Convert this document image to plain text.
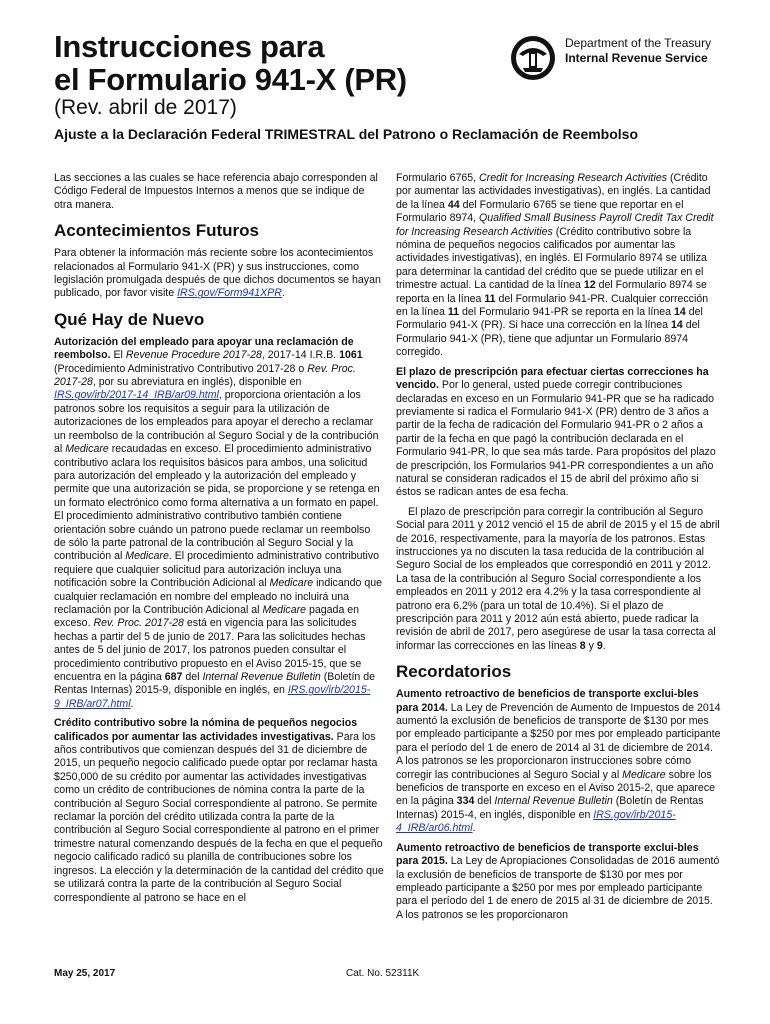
Instrucciones para
el Formulario 941-X (PR)
(Rev. abril de 2017)
Department of the Treasury
Internal Revenue Service
Ajuste a la Declaración Federal TRIMESTRAL del Patrono o Reclamación de Reembolso

Las secciones a las cuales se hace referencia abajo corresponden al Código Federal de Impuestos Internos a menos que se indique de otra manera.

Acontecimientos Futuros

Para obtener la información más reciente sobre los acontecimientos relacionados al Formulario 941-X (PR) y sus instrucciones, como legislación promulgada después de que dichos documentos se hayan publicado, por favor visite IRS.gov/Form941XPR.

Qué Hay de Nuevo

Autorización del empleado para apoyar una reclamación de reembolso. El Revenue Procedure 2017-28, 2017-14 I.R.B. 1061 (Procedimiento Administrativo Contributivo 2017-28 o Rev. Proc. 2017-28, por su abreviatura en inglés), disponible en IRS.gov/irb/2017-14_IRB/ar09.html, proporciona orientación a los patronos sobre los requisitos a seguir para la utilización de autorizaciones de los empleados para apoyar el derecho a reclamar un reembolso de la contribución al Seguro Social y de la contribución al Medicare recaudadas en exceso. El procedimiento administrativo contributivo aclara los requisitos básicos para ambos, una solicitud para autorización del empleado y la autorización del empleado y permite que una autorización se pida, se proporcione y se retenga en un formato electrónico como forma alternativa a un formato en papel. El procedimiento administrativo contributivo también contiene orientación sobre cuándo un patrono puede reclamar un reembolso de sólo la parte patronal de la contribución al Seguro Social y la contribución al Medicare. El procedimiento administrativo contributivo requiere que cualquier solicitud para autorización incluya una notificación sobre la Contribución Adicional al Medicare indicando que cualquier reclamación en nombre del empleado no incluirá una reclamación por la Contribución Adicional al Medicare pagada en exceso. Rev. Proc. 2017-28 está en vigencia para las solicitudes hechas a partir del 5 de junio de 2017. Para las solicitudes hechas antes de 5 del junio de 2017, los patronos pueden consultar el procedimiento contributivo propuesto en el Aviso 2015-15, que se encuentra en la página 687 del Internal Revenue Bulletin (Boletín de Rentas Internas) 2015-9, disponible en inglés, en IRS.gov/irb/2015-9_IRB/ar07.html.

Crédito contributivo sobre la nómina de pequeños negocios calificados por aumentar las actividades investigativas. Para los años contributivos que comienzan después del 31 de diciembre de 2015, un pequeño negocio calificado puede optar por reclamar hasta $250,000 de su crédito por aumentar las actividades investigativas como un crédito de contribuciones de nómina contra la parte de la contribución al Seguro Social correspondiente al patrono. Se permite reclamar la porción del crédito utilizada contra la parte de la contribución al Seguro Social correspondiente al patrono en el primer trimestre natural comenzando después de la fecha en que el pequeño negocio calificado radicó su planilla de contribuciones sobre los ingresos. La elección y la determinación de la cantidad del crédito que se utilizará contra la parte de la contribución al Seguro Social correspondiente al patrono se hace en el

Formulario 6765, Credit for Increasing Research Activities (Crédito por aumentar las actividades investigativas), en inglés. La cantidad de la línea 44 del Formulario 6765 se tiene que reportar en el Formulario 8974, Qualified Small Business Payroll Credit Tax Credit for Increasing Research Activities (Crédito contributivo sobre la nómina de pequeños negocios calificados por aumentar las actividades investigativas), en inglés. El Formulario 8974 se utiliza para determinar la cantidad del crédito que se puede utilizar en el trimestre actual. La cantidad de la línea 12 del Formulario 8974 se reporta en la línea 11 del Formulario 941-PR. Cualquier corrección en la línea 11 del Formulario 941-PR se reporta en la línea 14 del Formulario 941-X (PR). Si hace una corrección en la línea 14 del Formulario 941-X (PR), tiene que adjuntar un Formulario 8974 corregido.

El plazo de prescripción para efectuar ciertas correcciones ha vencido. Por lo general, usted puede corregir contribuciones declaradas en exceso en un Formulario 941-PR que se ha radicado previamente si radica el Formulario 941-X (PR) dentro de 3 años a partir de la fecha de radicación del Formulario 941-PR o 2 años a partir de la fecha en que pagó la contribución declarada en el Formulario 941-PR, lo que sea más tarde. Para propósitos del plazo de prescripción, los Formularios 941-PR correspondientes a un año natural se consideran radicados el 15 de abril del próximo año si éstos se radican antes de esa fecha.

El plazo de prescripción para corregir la contribución al Seguro Social para 2011 y 2012 venció el 15 de abril de 2015 y el 15 de abril de 2016, respectivamente, para la mayoría de los patronos. Estas instrucciones ya no discuten la tasa reducida de la contribución al Seguro Social de los empleados que correspondió en 2011 y 2012. La tasa de la contribución al Seguro Social correspondiente a los empleados en 2011 y 2012 era 4.2% y la tasa correspondiente al patrono era 6.2% (para un total de 10.4%). Si el plazo de prescripción para 2011 y 2012 aún está abierto, puede radicar la revisión de abril de 2017, pero asegúrese de usar la tasa correcta al informar las correcciones en las líneas 8 y 9.

Recordatorios

Aumento retroactivo de beneficios de transporte exclui-bles para 2014. La Ley de Prevención de Aumento de Impuestos de 2014 aumentó la exclusión de beneficios de transporte de $130 por mes por empleado participante a $250 por mes por empleado participante para el período del 1 de enero de 2014 al 31 de diciembre de 2014. A los patronos se les proporcionaron instrucciones sobre cómo corregir las contribuciones al Seguro Social y al Medicare sobre los beneficios de transporte en exceso en el Aviso 2015-2, que aparece en la página 334 del Internal Revenue Bulletin (Boletín de Rentas Internas) 2015-4, en inglés, disponible en IRS.gov/irb/2015-4_IRB/ar06.html.

Aumento retroactivo de beneficios de transporte exclui-bles para 2015. La Ley de Apropiaciones Consolidadas de 2016 aumentó la exclusión de beneficios de transporte de $130 por mes por empleado participante a $250 por mes por empleado participante para el período del 1 de enero de 2015 al 31 de diciembre de 2015. A los patronos se les proporcionaron

May 25, 2017	Cat. No. 52311K
